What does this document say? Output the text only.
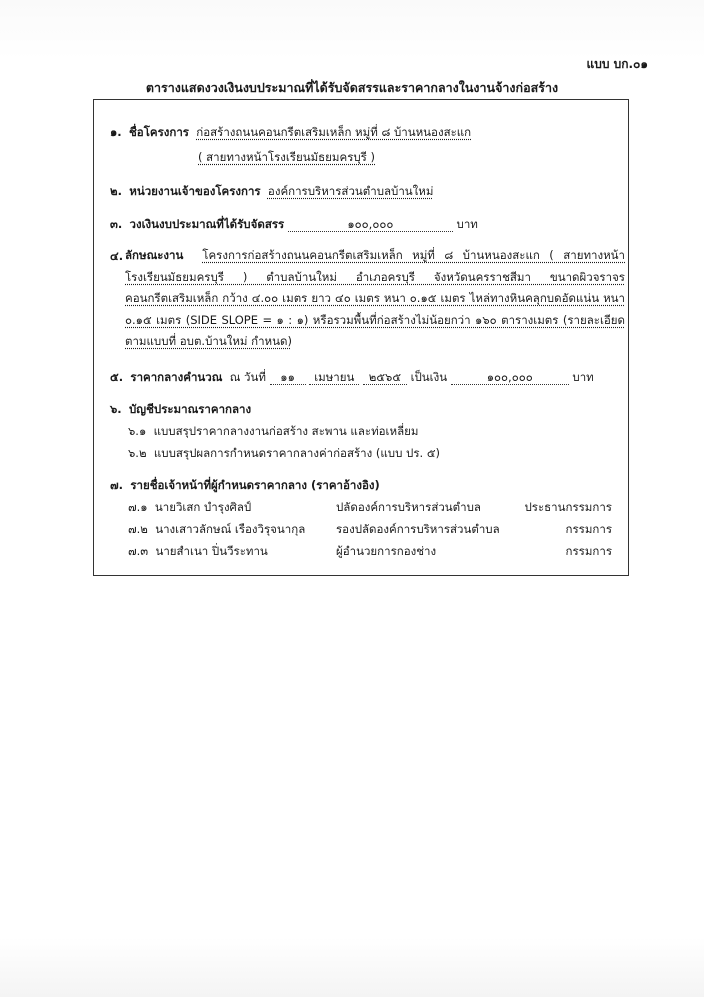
แบบ บก.๐๑
ตารางแสดงวงเงินงบประมาณที่ได้รับจัดสรรและราคากลางในงานจ้างก่อสร้าง
๑. ชื่อโครงการ ก่อสร้างถนนคอนกรีตเสริมเหล็ก หมู่ที่ ๘ บ้านหนองสะแก
( สายทางหน้าโรงเรียนมัธยมครบุรี )
๒. หน่วยงานเจ้าของโครงการ องค์การบริหารส่วนตำบลบ้านใหม่
๓. วงเงินงบประมาณที่ได้รับจัดสรร	๑๐๐,๐๐๐	บาท
๔. ลักษณะงาน โครงการก่อสร้างถนนคอนกรีตเสริมเหล็ก หมู่ที่ ๘ บ้านหนองสะแก ( สายทางหน้าโรงเรียนมัธยมครบุรี ) ตำบลบ้านใหม่ อำเภอครบุรี จังหวัดนครราชสีมา ขนาดผิวจราจรคอนกรีตเสริมเหล็ก กว้าง ๔.๐๐ เมตร ยาว ๔๐ เมตร หนา ๐.๑๕ เมตร ไหล่ทางหินคลุกบดอัดแน่น หนา ๐.๑๕ เมตร (SIDE SLOPE = ๑ : ๑) หรือรวมพื้นที่ก่อสร้างไม่น้อยกว่า ๑๖๐ ตารางเมตร (รายละเอียดตามแบบที่ อบต.บ้านใหม่ กำหนด)
๕. ราคากลางคำนวณ ณ วันที่ ๑๑ เมษายน ๒๕๖๕ เป็นเงิน	๑๐๐,๐๐๐	บาท
๖. บัญชีประมาณราคากลาง
๖.๑ แบบสรุปราคากลางงานก่อสร้าง สะพาน และท่อเหลี่ยม
๖.๒ แบบสรุปผลการกำหนดราคากลางค่าก่อสร้าง (แบบ ปร. ๕)
๗. รายชื่อเจ้าหน้าที่ผู้กำหนดราคากลาง (ราคาอ้างอิง)
๗.๑ นายวิเสก บำรุงศิลป์	ปลัดองค์การบริหารส่วนตำบล	ประธานกรรมการ
๗.๒ นางเสาวลักษณ์ เรืองวิรุจนากุล	รองปลัดองค์การบริหารส่วนตำบล	กรรมการ
๗.๓ นายสำเนา ปิ่นวีระทาน	ผู้อำนวยการกองช่าง	กรรมการ
